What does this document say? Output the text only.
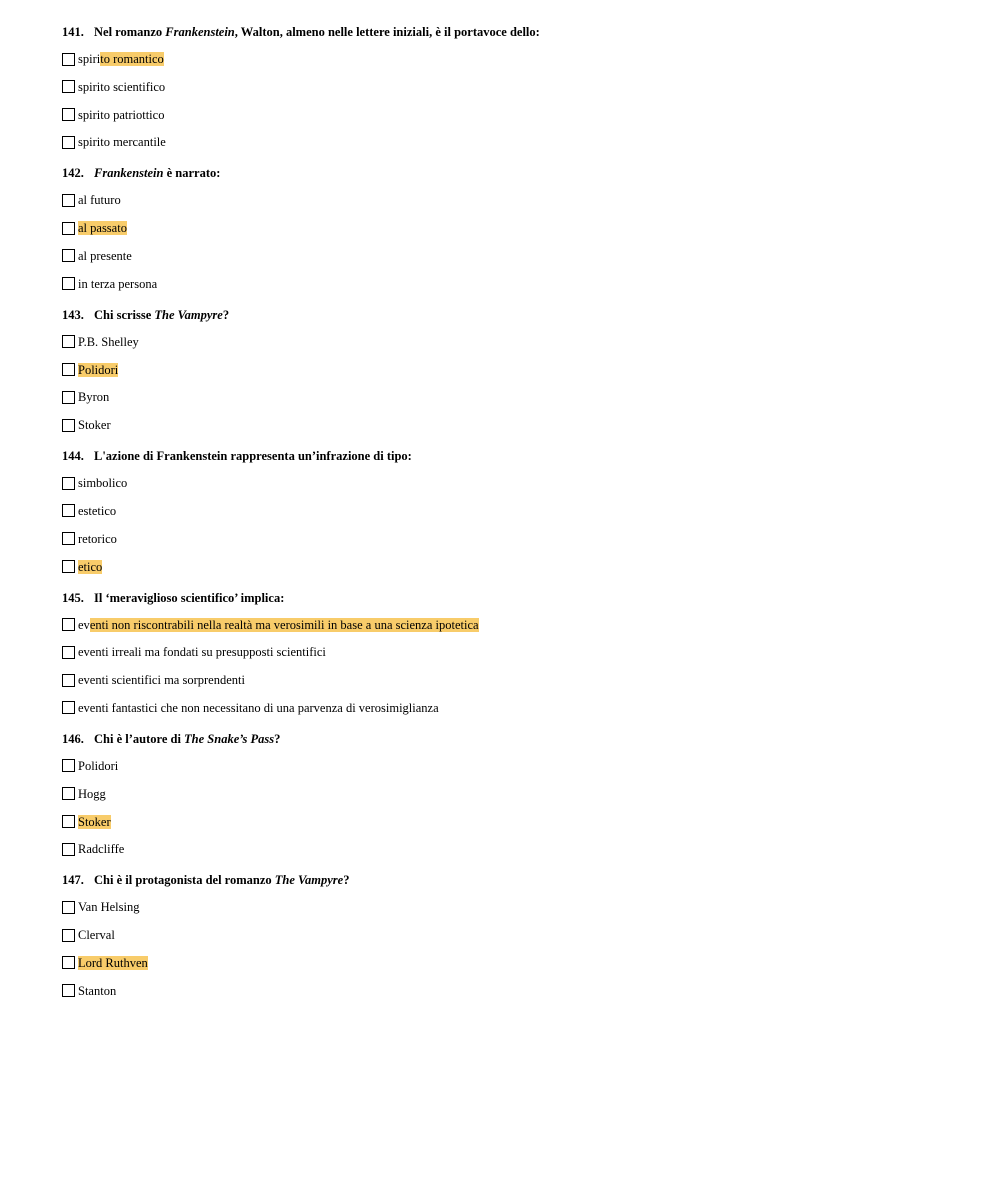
141. Nel romanzo Frankenstein, Walton, almeno nelle lettere iniziali, è il portavoce dello:
spirito romantico
spirito scientifico
spirito patriottico
spirito mercantile
142. Frankenstein è narrato:
al futuro
al passato
al presente
in terza persona
143. Chi scrisse The Vampyre?
P.B. Shelley
Polidori
Byron
Stoker
144. L'azione di Frankenstein rappresenta un’infrazione di tipo:
simbolico
estetico
retorico
etico
145. Il ‘meraviglioso scientifico’ implica:
eventi non riscontrabili nella realtà ma verosimili in base a una scienza ipotetica
eventi irreali ma fondati su presupposti scientifici
eventi scientifici ma sorprendenti
eventi fantastici che non necessitano di una parvenza di verosimiglianza
146. Chi è l’autore di The Snake’s Pass?
Polidori
Hogg
Stoker
Radcliffe
147. Chi è il protagonista del romanzo The Vampyre?
Van Helsing
Clerval
Lord Ruthven
Stanton
